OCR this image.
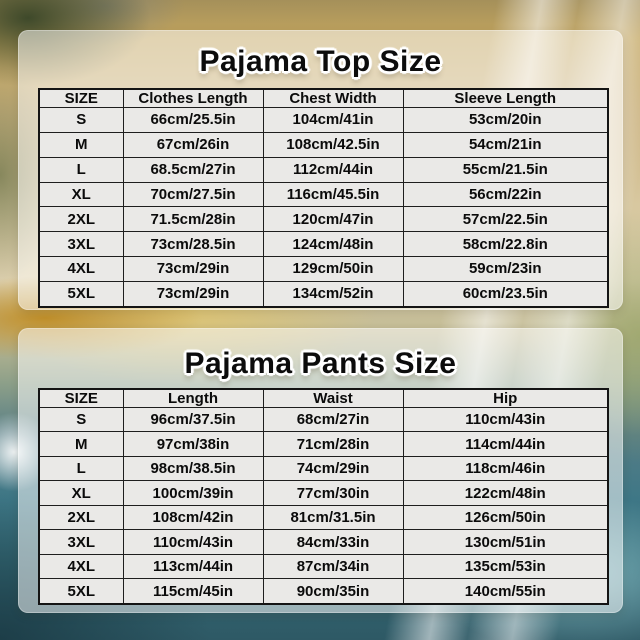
Pajama Top Size
SIZE	Clothes Length	Chest Width	Sleeve Length
S	66cm/25.5in	104cm/41in	53cm/20in
M	67cm/26in	108cm/42.5in	54cm/21in
L	68.5cm/27in	112cm/44in	55cm/21.5in
XL	70cm/27.5in	116cm/45.5in	56cm/22in
2XL	71.5cm/28in	120cm/47in	57cm/22.5in
3XL	73cm/28.5in	124cm/48in	58cm/22.8in
4XL	73cm/29in	129cm/50in	59cm/23in
5XL	73cm/29in	134cm/52in	60cm/23.5in
Pajama Pants Size
SIZE	Length	Waist	Hip
S	96cm/37.5in	68cm/27in	110cm/43in
M	97cm/38in	71cm/28in	114cm/44in
L	98cm/38.5in	74cm/29in	118cm/46in
XL	100cm/39in	77cm/30in	122cm/48in
2XL	108cm/42in	81cm/31.5in	126cm/50in
3XL	110cm/43in	84cm/33in	130cm/51in
4XL	113cm/44in	87cm/34in	135cm/53in
5XL	115cm/45in	90cm/35in	140cm/55in
